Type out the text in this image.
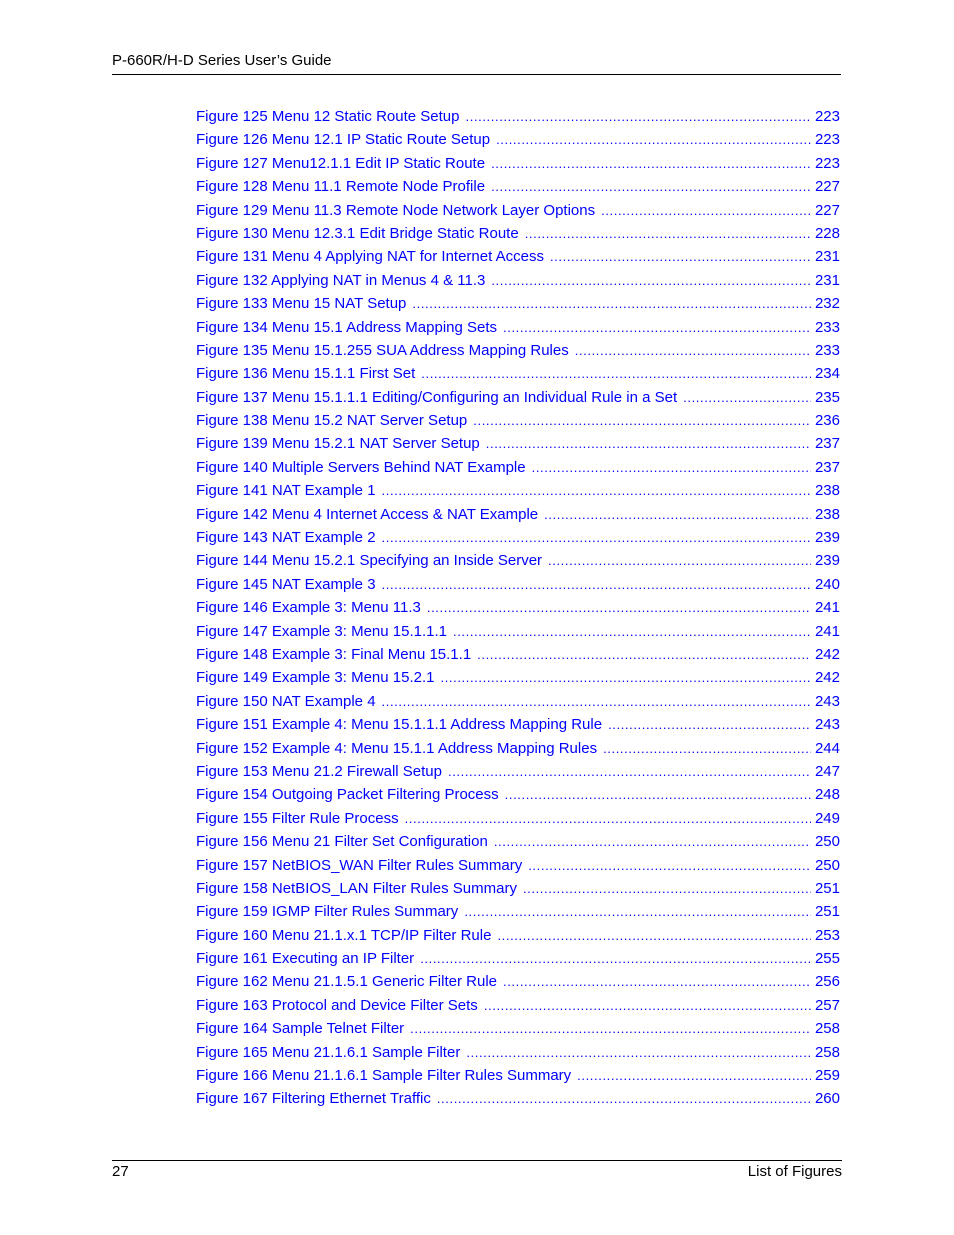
P-660R/H-D Series User’s Guide
Figure 125 Menu 12 Static Route Setup .....	223
Figure 126 Menu 12.1 IP Static Route Setup .....	223
Figure 127 Menu12.1.1 Edit IP Static Route .....	223
Figure 128 Menu 11.1 Remote Node Profile .....	227
Figure 129 Menu 11.3 Remote Node Network Layer Options .....	227
Figure 130 Menu 12.3.1 Edit Bridge Static Route .....	228
Figure 131 Menu 4 Applying NAT for Internet Access .....	231
Figure 132 Applying NAT in Menus 4 & 11.3 .....	231
Figure 133 Menu 15 NAT Setup .....	232
Figure 134 Menu 15.1 Address Mapping Sets .....	233
Figure 135 Menu 15.1.255 SUA Address Mapping Rules .....	233
Figure 136 Menu 15.1.1 First Set .....	234
Figure 137 Menu 15.1.1.1 Editing/Configuring an Individual Rule in a Set .....	235
Figure 138 Menu 15.2 NAT Server Setup .....	236
Figure 139 Menu 15.2.1 NAT Server Setup .....	237
Figure 140 Multiple Servers Behind NAT Example .....	237
Figure 141 NAT Example 1 .....	238
Figure 142 Menu 4 Internet Access & NAT Example .....	238
Figure 143 NAT Example 2 .....	239
Figure 144 Menu 15.2.1 Specifying an Inside Server .....	239
Figure 145 NAT Example 3 .....	240
Figure 146 Example 3: Menu 11.3 .....	241
Figure 147 Example 3: Menu 15.1.1.1 .....	241
Figure 148 Example 3: Final Menu 15.1.1 .....	242
Figure 149 Example 3: Menu 15.2.1 .....	242
Figure 150 NAT Example 4 .....	243
Figure 151 Example 4: Menu 15.1.1.1 Address Mapping Rule .....	243
Figure 152 Example 4: Menu 15.1.1 Address Mapping Rules .....	244
Figure 153 Menu 21.2 Firewall Setup .....	247
Figure 154 Outgoing Packet Filtering Process .....	248
Figure 155 Filter Rule Process .....	249
Figure 156 Menu 21 Filter Set Configuration .....	250
Figure 157 NetBIOS_WAN Filter Rules Summary .....	250
Figure 158 NetBIOS_LAN Filter Rules Summary .....	251
Figure 159 IGMP Filter Rules Summary .....	251
Figure 160 Menu 21.1.x.1 TCP/IP Filter Rule .....	253
Figure 161 Executing an IP Filter .....	255
Figure 162 Menu 21.1.5.1 Generic Filter Rule .....	256
Figure 163 Protocol and Device Filter Sets .....	257
Figure 164 Sample Telnet Filter .....	258
Figure 165 Menu 21.1.6.1 Sample Filter .....	258
Figure 166 Menu 21.1.6.1 Sample Filter Rules Summary .....	259
Figure 167 Filtering Ethernet Traffic .....	260
27	List of Figures
